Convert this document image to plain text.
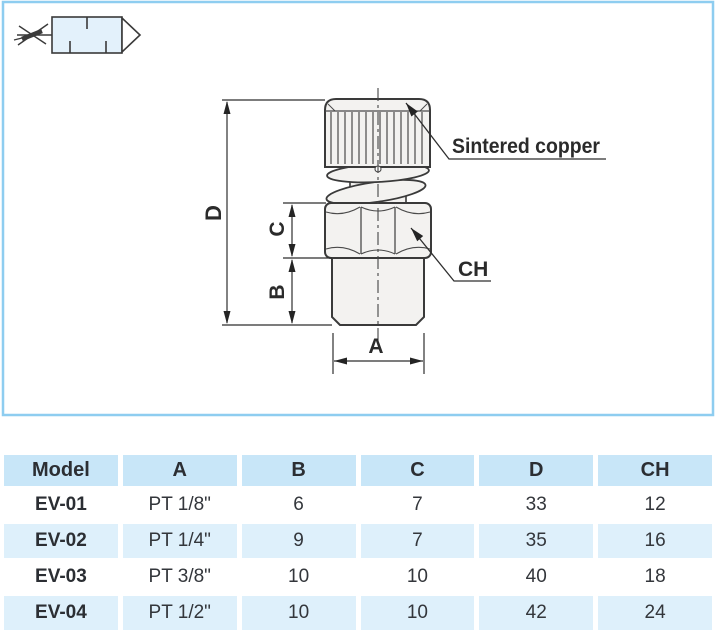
D
C
B
A
Sintered copper
CH
Model	A	B	C	D	CH
EV-01	PT 1/8"	6	7	33	12
EV-02	PT 1/4"	9	7	35	16
EV-03	PT 3/8"	10	10	40	18
EV-04	PT 1/2"	10	10	42	24
